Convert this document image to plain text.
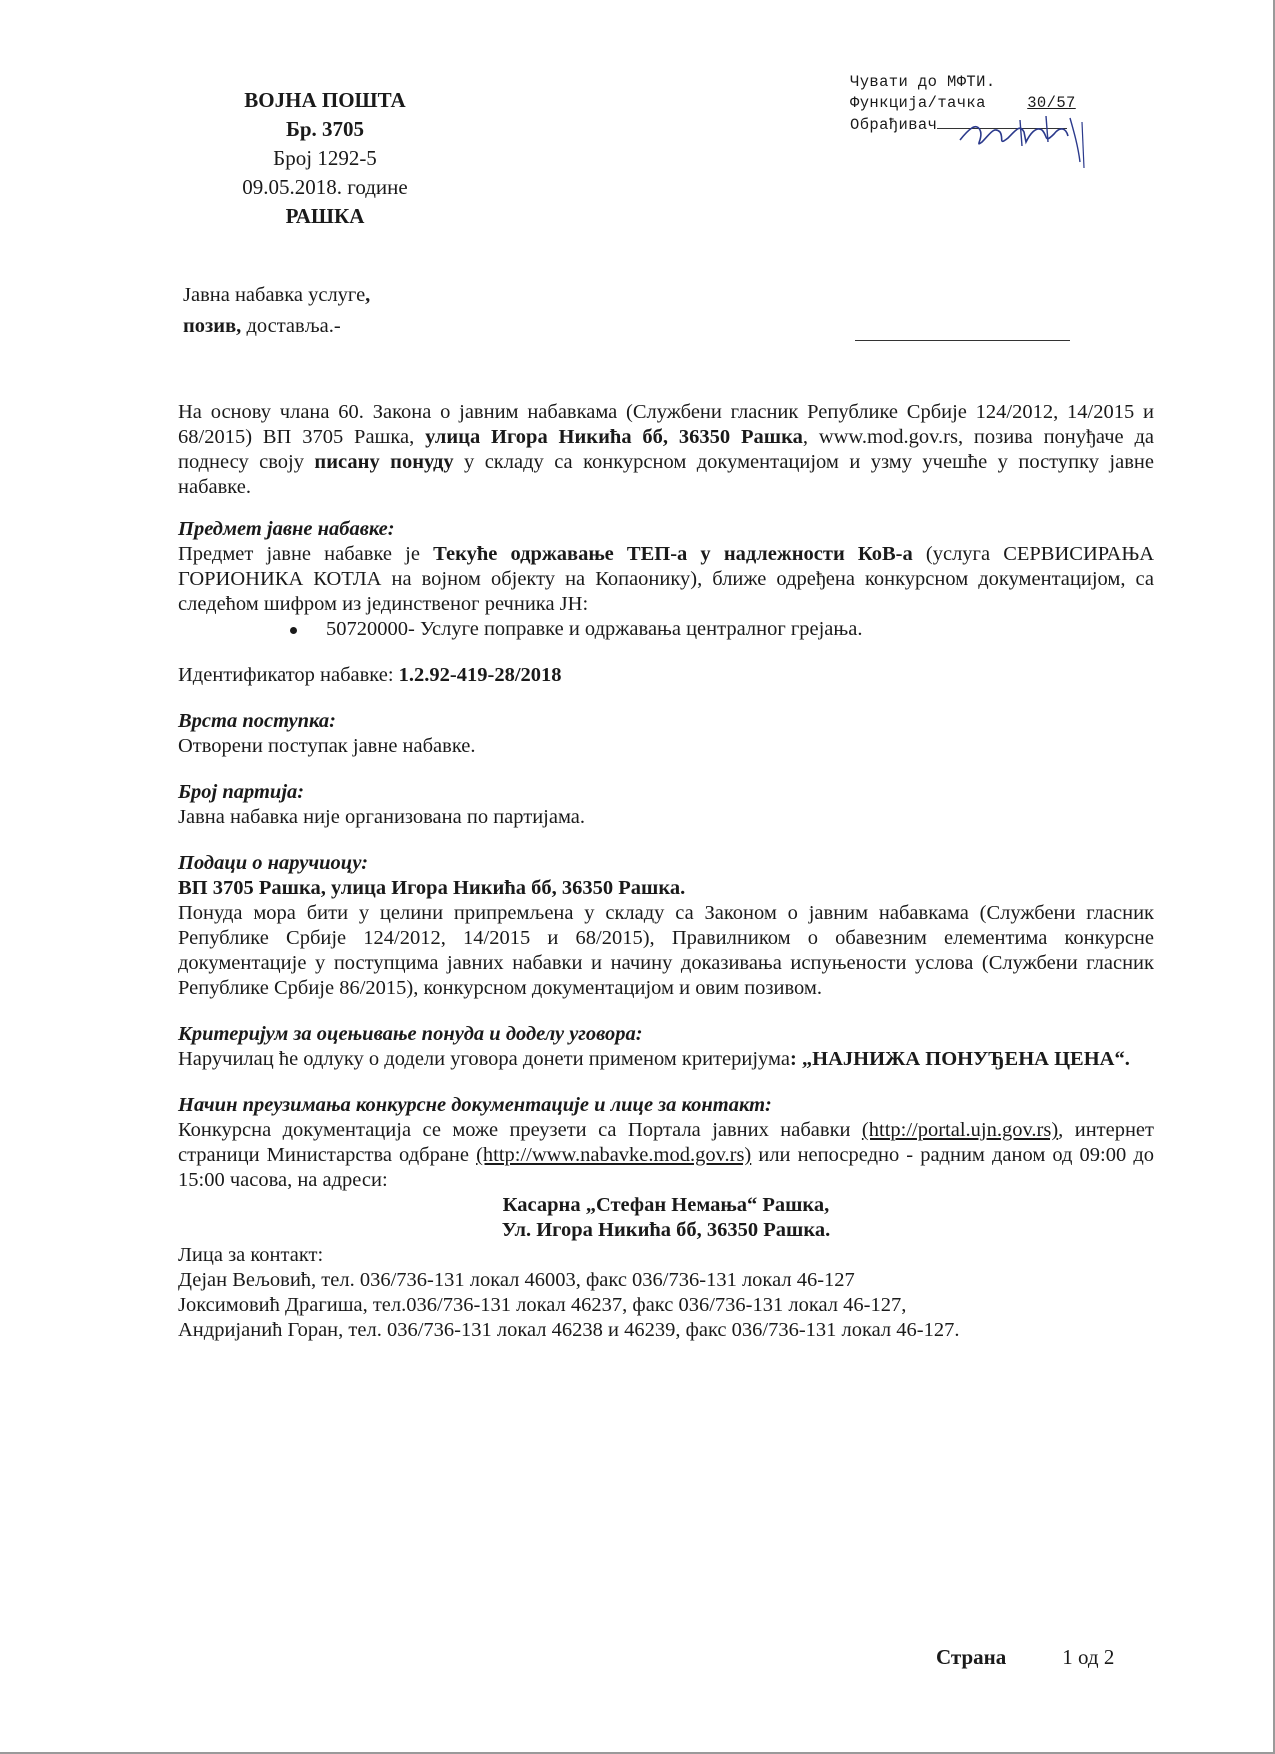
ВОЈНА ПОШТА
Бр. 3705
Број 1292-5
09.05.2018. године
РАШКА
Чувати до МФТИ.
Функција/тачка	30/57
Обрађивач
Јавна набавка услуге,
позив, достављa.-

На основу члана 60. Закона о јавним набавкама (Службени гласник Републике Србије 124/2012, 14/2015 и 68/2015) ВП 3705 Рашка, улица Игора Никића бб, 36350 Рашка, www.mod.gov.rs, позива понуђаче да поднесу своју писану понуду у складу са конкурсном документацијом и узму учешће у поступку јавне набавке.

Предмет јавне набавке:

Предмет јавне набавке је Текуће одржавање ТЕП-а у надлежности КоВ-а (услуга СЕРВИСИРАЊА ГОРИОНИКА КОТЛА на војном објекту на Копаонику), ближе одређена конкурсном документацијом, са следећом шифром из јединственог речника ЈН:

50720000- Услуге поправке и одржавања централног грејања.

Идентификатор набавке: 1.2.92-419-28/2018

Врста поступка:

Отворени поступак јавне набавке.

Број партија:

Јавна набавка није организована по партијама.

Подаци о наручиоцу:

ВП 3705 Рашка, улица Игора Никића бб, 36350 Рашка.

Понуда мора бити у целини припремљена у складу са Законом о јавним набавкама (Службени гласник Републике Србије 124/2012, 14/2015 и 68/2015), Правилником о обавезним елементима конкурсне документације у поступцима јавних набавки и начину доказивања испуњености услова (Службени гласник Републике Србије 86/2015), конкурсном документацијом и овим позивом.

Критеријум за оцењивање понуда и доделу уговора:

Наручилац ће одлуку о додели уговора донети применом критеријума: „НАЈНИЖА ПОНУЂЕНА ЦЕНА“.

Начин преузимања конкурсне документације и лице за контакт:

Конкурсна документација се може преузети са Портала јавних набавки (http://portal.ujn.gov.rs), интернет страници Министарства одбране (http://www.nabavke.mod.gov.rs) или непосредно - радним даном од 09:00 до 15:00 часова, на адреси:

Касарна „Стефан Немања“ Рашка,

Ул. Игора Никића бб, 36350 Рашка.

Лица за контакт:

Дејан Вељовић, тел. 036/736-131 локал 46003, факс 036/736-131 локал 46-127

Јоксимовић Драгиша, тел.036/736-131 локал 46237, факс 036/736-131 локал 46-127,

Андријанић Горан, тел. 036/736-131 локал 46238 и 46239, факс 036/736-131 локал 46-127.

Страна	1 од 2
